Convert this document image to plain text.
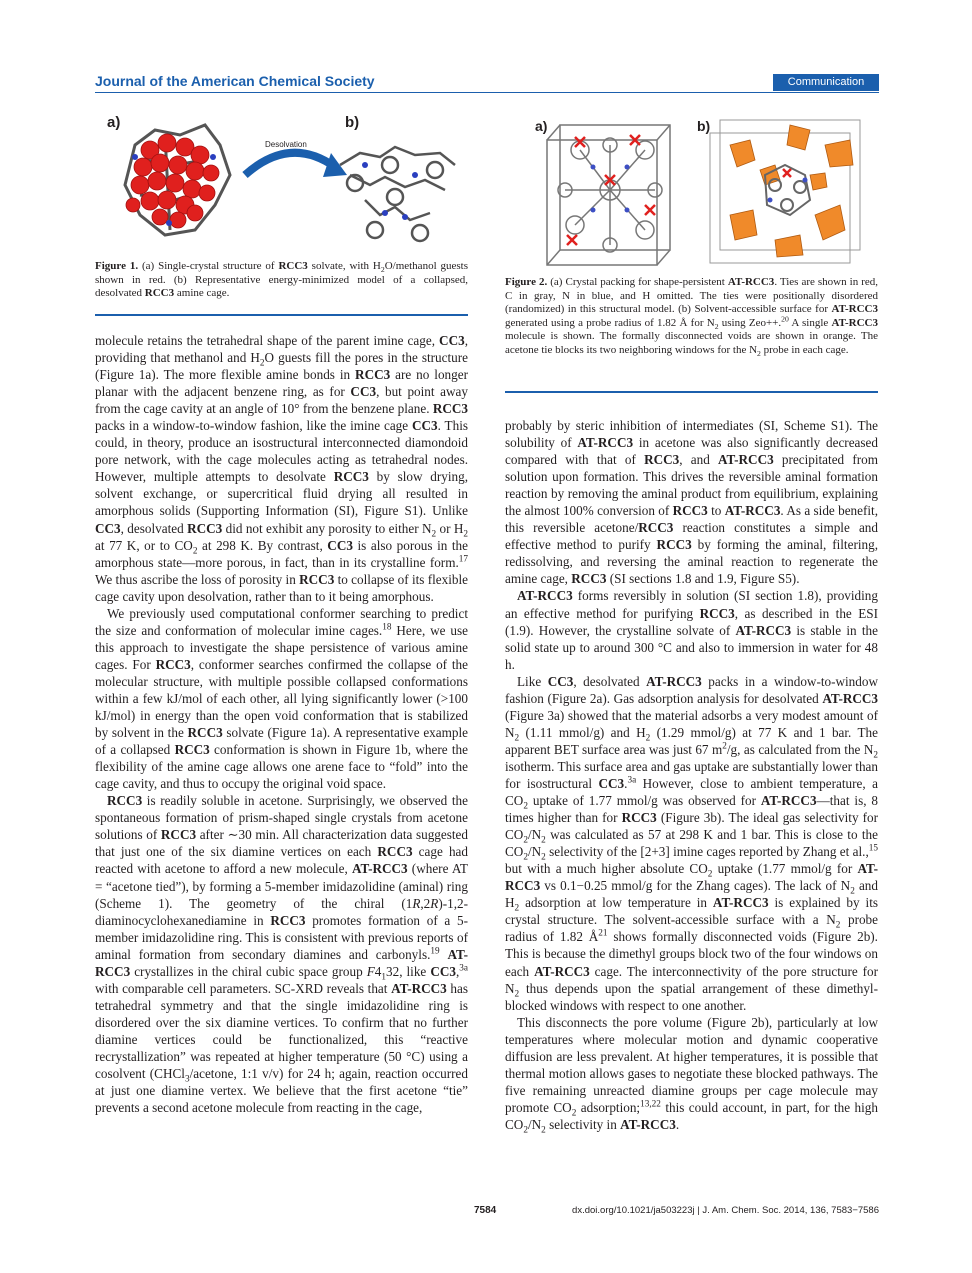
Journal of the American Chemical Society	Communication
a)	b)
Desolvation
Figure 1. (a) Single-crystal structure of RCC3 solvate, with $H_2O$/methanol guests shown in red. (b) Representative energy-minimized model of a collapsed, desolvated RCC3 amine cage.
a)	b)
Figure 2. (a) Crystal packing for shape-persistent AT-RCC3. Ties are shown in red, C in gray, N in blue, and H omitted. The ties were positionally disordered (randomized) in this structural model. (b) Solvent-accessible surface for AT-RCC3 generated using a probe radius of 1.82 Å for $N_2$ using Zeo++.$^{20}$ A single AT-RCC3 molecule is shown. The formally disconnected voids are shown in orange. The acetone tie blocks its two neighboring windows for the $N_2$ probe in each cage.

molecule retains the tetrahedral shape of the parent imine cage, CC3, providing that methanol and $H_2O$ guests fill the pores in the structure (Figure 1a). The more flexible amine bonds in RCC3 are no longer planar with the adjacent benzene ring, as for CC3, but point away from the cage cavity at an angle of 10° from the benzene plane. RCC3 packs in a window-to-window fashion, like the imine cage CC3. This could, in theory, produce an isostructural interconnected diamondoid pore network, with the cage molecules acting as tetrahedral nodes. However, multiple attempts to desolvate RCC3 by slow drying, solvent exchange, or supercritical fluid drying all resulted in amorphous solids (Supporting Information (SI), Figure S1). Unlike CC3, desolvated RCC3 did not exhibit any porosity to either $N_2$ or $H_2$ at 77 K, or to $CO_2$ at 298 K. By contrast, CC3 is also porous in the amorphous state—more porous, in fact, than in its crystalline form.$^{17}$ We thus ascribe the loss of porosity in RCC3 to collapse of its flexible cage cavity upon desolvation, rather than to it being amorphous.

We previously used computational conformer searching to predict the size and conformation of molecular imine cages.$^{18}$ Here, we use this approach to investigate the shape persistence of various amine cages. For RCC3, conformer searches confirmed the collapse of the molecular structure, with multiple possible collapsed conformations within a few kJ/mol of each other, all lying significantly lower (>100 kJ/mol) in energy than the open void conformation that is stabilized by solvent in the RCC3 solvate (Figure 1a). A representative example of a collapsed RCC3 conformation is shown in Figure 1b, where the flexibility of the amine cage allows one arene face to “fold” into the cage cavity, and thus to occupy the original void space.

RCC3 is readily soluble in acetone. Surprisingly, we observed the spontaneous formation of prism-shaped single crystals from acetone solutions of RCC3 after ∼30 min. All characterization data suggested that just one of the six diamine vertices on each RCC3 cage had reacted with acetone to afford a new molecule, AT-RCC3 (where AT = “acetone tied”), by forming a 5-member imidazolidine (aminal) ring (Scheme 1). The geometry of the chiral (1R,2R)-1,2-diaminocyclohexanediamine in RCC3 promotes formation of a 5-member imidazolidine ring. This is consistent with previous reports of aminal formation from secondary diamines and carbonyls.$^{19}$ AT-RCC3 crystallizes in the chiral cubic space group $F4_132$, like CC3,$^{3a}$ with comparable cell parameters. SC-XRD reveals that AT-RCC3 has tetrahedral symmetry and that the single imidazolidine ring is disordered over the six diamine vertices. To confirm that no further diamine vertices could be functionalized, this “reactive recrystallization” was repeated at higher temperature (50 °C) using a cosolvent (CHCl$_3$/acetone, 1:1 v/v) for 24 h; again, reaction occurred at just one diamine vertex. We believe that the first acetone “tie” prevents a second acetone molecule from reacting in the cage,

probably by steric inhibition of intermediates (SI, Scheme S1). The solubility of AT-RCC3 in acetone was also significantly decreased compared with that of RCC3, and AT-RCC3 precipitated from solution upon formation. This drives the reversible aminal formation reaction by removing the aminal product from equilibrium, explaining the almost 100% conversion of RCC3 to AT-RCC3. As a side benefit, this reversible acetone/RCC3 reaction constitutes a simple and effective method to purify RCC3 by forming the aminal, filtering, redissolving, and reversing the aminal reaction to regenerate the amine cage, RCC3 (SI sections 1.8 and 1.9, Figure S5).

AT-RCC3 forms reversibly in solution (SI section 1.8), providing an effective method for purifying RCC3, as described in the ESI (1.9). However, the crystalline solvate of AT-RCC3 is stable in the solid state up to around 300 °C and also to immersion in water for 48 h.

Like CC3, desolvated AT-RCC3 packs in a window-to-window fashion (Figure 2a). Gas adsorption analysis for desolvated AT-RCC3 (Figure 3a) showed that the material adsorbs a very modest amount of $N_2$ (1.11 mmol/g) and $H_2$ (1.29 mmol/g) at 77 K and 1 bar. The apparent BET surface area was just 67 $m^2/g$, as calculated from the $N_2$ isotherm. This surface area and gas uptake are substantially lower than for isostructural CC3.$^{3a}$ However, close to ambient temperature, a $CO_2$ uptake of 1.77 mmol/g was observed for AT-RCC3—that is, 8 times higher than for RCC3 (Figure 3b). The ideal gas selectivity for $CO_2/N_2$ was calculated as 57 at 298 K and 1 bar. This is close to the $CO_2/N_2$ selectivity of the [2+3] imine cages reported by Zhang et al.,$^{15}$ but with a much higher absolute $CO_2$ uptake (1.77 mmol/g for AT-RCC3 vs 0.1−0.25 mmol/g for the Zhang cages). The lack of $N_2$ and $H_2$ adsorption at low temperature in AT-RCC3 is explained by its crystal structure. The solvent-accessible surface with a $N_2$ probe radius of 1.82 $Å^{21}$ shows formally disconnected voids (Figure 2b). This is because the dimethyl groups block two of the four windows on each AT-RCC3 cage. The interconnectivity of the pore structure for $N_2$ thus depends upon the spatial arrangement of these dimethyl-blocked windows with respect to one another.

This disconnects the pore volume (Figure 2b), particularly at low temperatures where molecular motion and dynamic cooperative diffusion are less prevalent. At higher temperatures, it is possible that thermal motion allows gases to negotiate these blocked pathways. The five remaining unreacted diamine groups per cage molecule may promote $CO_2$ adsorption;$^{13,22}$ this could account, in part, for the high $CO_2/N_2$ selectivity in AT-RCC3.

7584	dx.doi.org/10.1021/ja503223j | J. Am. Chem. Soc. 2014, 136, 7583−7586
